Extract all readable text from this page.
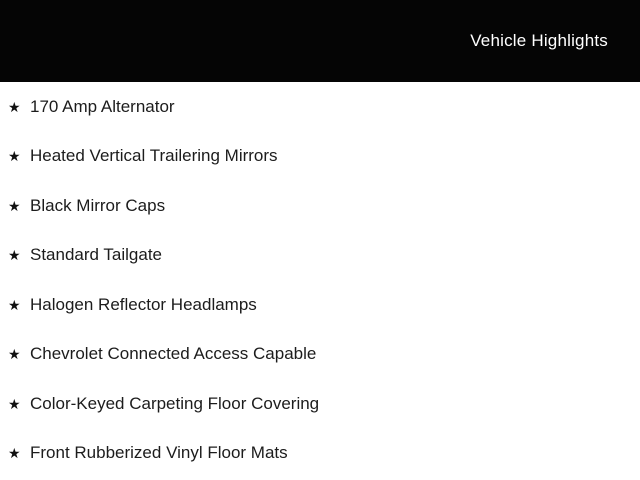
Vehicle Highlights
★ 170 Amp Alternator
★ Heated Vertical Trailering Mirrors
★ Black Mirror Caps
★ Standard Tailgate
★ Halogen Reflector Headlamps
★ Chevrolet Connected Access Capable
★ Color-Keyed Carpeting Floor Covering
★ Front Rubberized Vinyl Floor Mats
